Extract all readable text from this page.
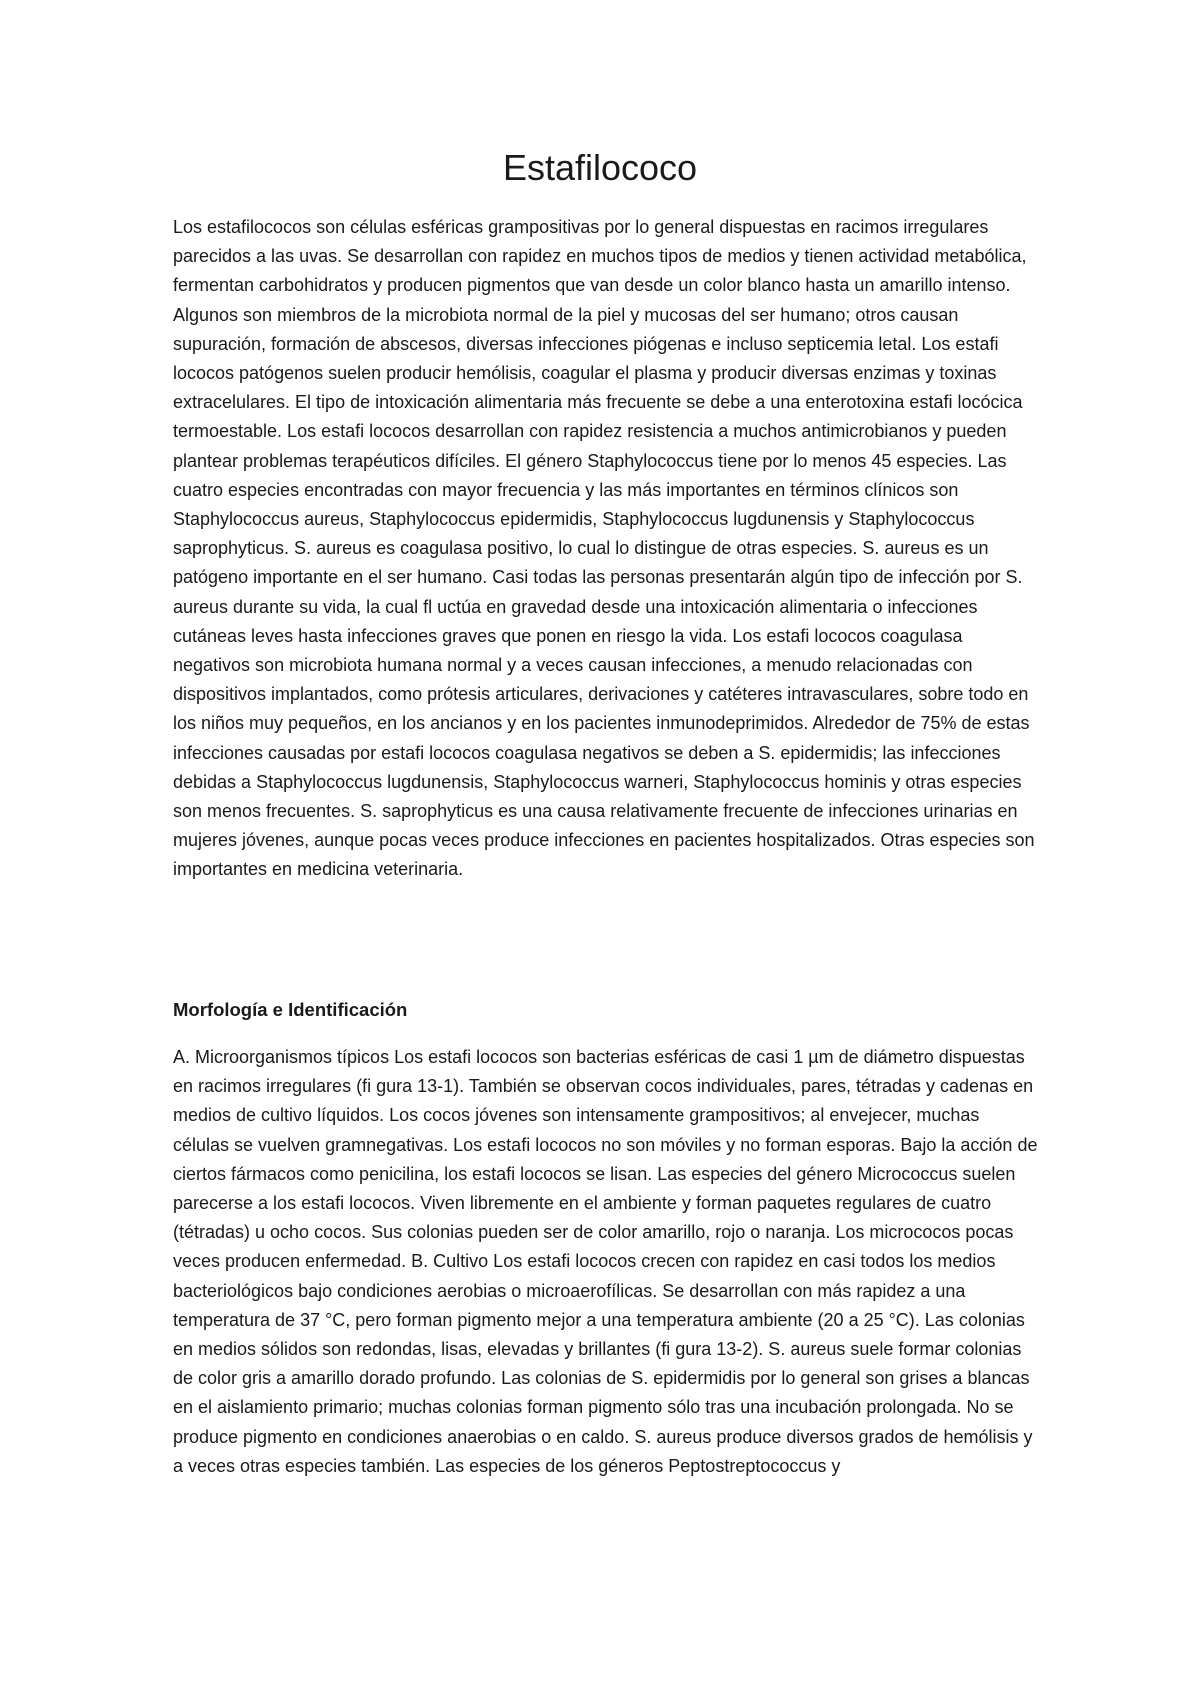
Estafilococo

Los estafilococos son células esféricas grampositivas por lo general dispuestas en racimos irregulares parecidos a las uvas. Se desarrollan con rapidez en muchos tipos de medios y tienen actividad metabólica, fermentan carbohidratos y producen pigmentos que van desde un color blanco hasta un amarillo intenso. Algunos son miembros de la microbiota normal de la piel y mucosas del ser humano; otros causan supuración, formación de abscesos, diversas infecciones piógenas e incluso septicemia letal. Los estafi lococos patógenos suelen producir hemólisis, coagular el plasma y producir diversas enzimas y toxinas extracelulares. El tipo de intoxicación alimentaria más frecuente se debe a una enterotoxina estafi locócica termoestable. Los estafi lococos desarrollan con rapidez resistencia a muchos antimicrobianos y pueden plantear problemas terapéuticos difíciles. El género Staphylococcus tiene por lo menos 45 especies. Las cuatro especies encontradas con mayor frecuencia y las más importantes en términos clínicos son Staphylococcus aureus, Staphylococcus epidermidis, Staphylococcus lugdunensis y Staphylococcus saprophyticus. S. aureus es coagulasa positivo, lo cual lo distingue de otras especies. S. aureus es un patógeno importante en el ser humano. Casi todas las personas presentarán algún tipo de infección por S. aureus durante su vida, la cual fl uctúa en gravedad desde una intoxicación alimentaria o infecciones cutáneas leves hasta infecciones graves que ponen en riesgo la vida. Los estafi lococos coagulasa negativos son microbiota humana normal y a veces causan infecciones, a menudo relacionadas con dispositivos implantados, como prótesis articulares, derivaciones y catéteres intravasculares, sobre todo en los niños muy pequeños, en los ancianos y en los pacientes inmunodeprimidos. Alrededor de 75% de estas infecciones causadas por estafi lococos coagulasa negativos se deben a S. epidermidis; las infecciones debidas a Staphylococcus lugdunensis, Staphylococcus warneri, Staphylococcus hominis y otras especies son menos frecuentes. S. saprophyticus es una causa relativamente frecuente de infecciones urinarias en mujeres jóvenes, aunque pocas veces produce infecciones en pacientes hospitalizados. Otras especies son importantes en medicina veterinaria.

Morfología e Identificación

A. Microorganismos típicos Los estafi lococos son bacterias esféricas de casi 1 µm de diámetro dispuestas en racimos irregulares (fi gura 13-1). También se observan cocos individuales, pares, tétradas y cadenas en medios de cultivo líquidos. Los cocos jóvenes son intensamente grampositivos; al envejecer, muchas células se vuelven gramnegativas. Los estafi lococos no son móviles y no forman esporas. Bajo la acción de ciertos fármacos como penicilina, los estafi lococos se lisan. Las especies del género Micrococcus suelen parecerse a los estafi lococos. Viven libremente en el ambiente y forman paquetes regulares de cuatro (tétradas) u ocho cocos. Sus colonias pueden ser de color amarillo, rojo o naranja. Los micrococos pocas veces producen enfermedad. B. Cultivo Los estafi lococos crecen con rapidez en casi todos los medios bacteriológicos bajo condiciones aerobias o microaerofílicas. Se desarrollan con más rapidez a una temperatura de 37 °C, pero forman pigmento mejor a una temperatura ambiente (20 a 25 °C). Las colonias en medios sólidos son redondas, lisas, elevadas y brillantes (fi gura 13-2). S. aureus suele formar colonias de color gris a amarillo dorado profundo. Las colonias de S. epidermidis por lo general son grises a blancas en el aislamiento primario; muchas colonias forman pigmento sólo tras una incubación prolongada. No se produce pigmento en condiciones anaerobias o en caldo. S. aureus produce diversos grados de hemólisis y a veces otras especies también. Las especies de los géneros Peptostreptococcus y
